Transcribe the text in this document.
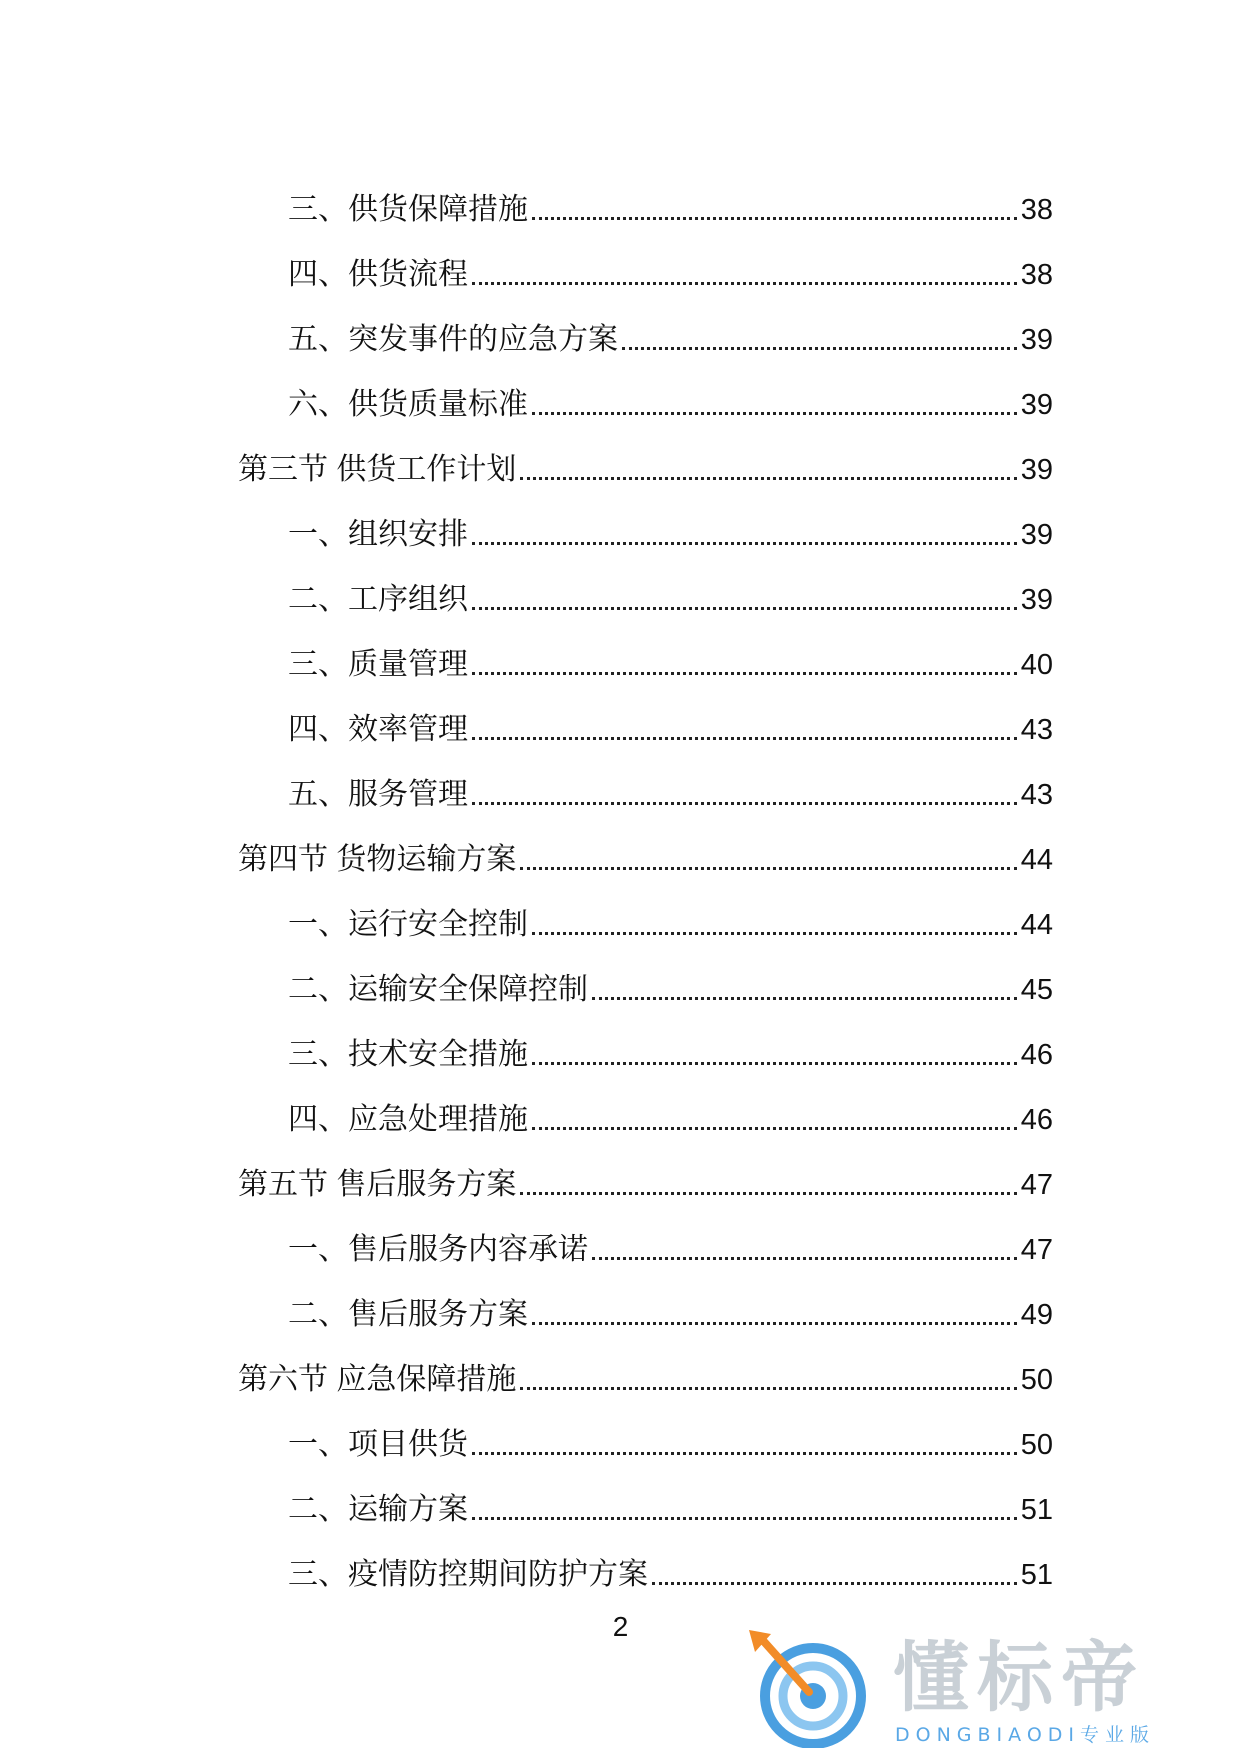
三、供货保障措施	38
四、供货流程	38
五、突发事件的应急方案	39
六、供货质量标准	39
第三节 供货工作计划	39
一、组织安排	39
二、工序组织	39
三、质量管理	40
四、效率管理	43
五、服务管理	43
第四节 货物运输方案	44
一、运行安全控制	44
二、运输安全保障控制	45
三、技术安全措施	46
四、应急处理措施	46
第五节 售后服务方案	47
一、售后服务内容承诺	47
二、售后服务方案	49
第六节 应急保障措施	50
一、项目供货	50
二、运输方案	51
三、疫情防控期间防护方案	51
2
懂标帝
DONGBIAODI专业版
